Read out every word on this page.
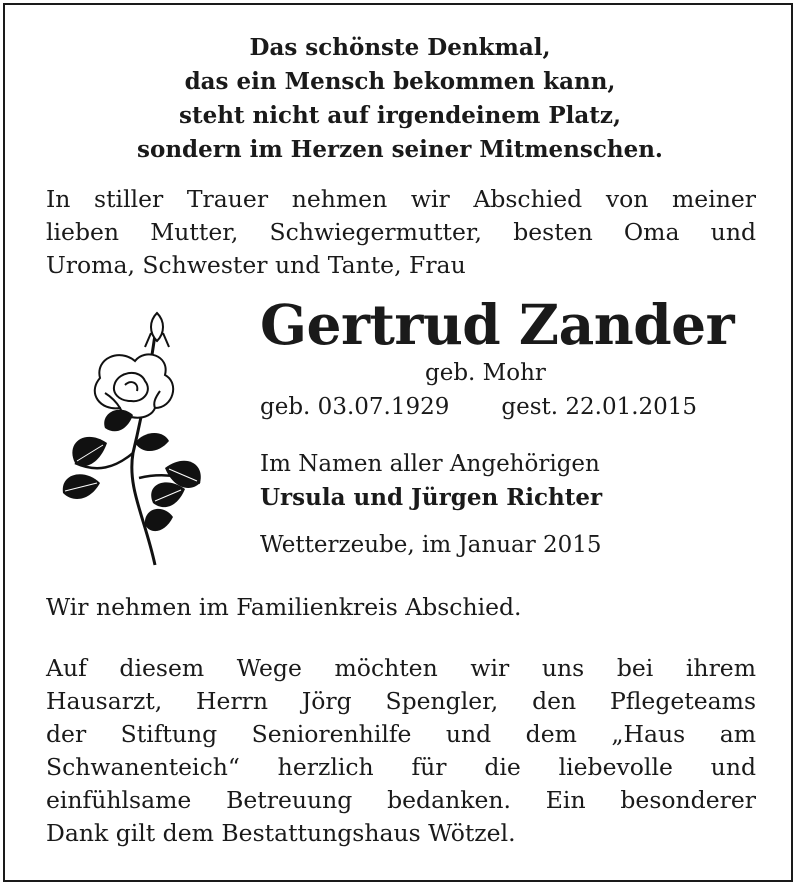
Das schönste Denkmal,
das ein Mensch bekommen kann,
steht nicht auf irgendeinem Platz,
sondern im Herzen seiner Mitmenschen.
In stiller Trauer nehmen wir Abschied von meiner
lieben Mutter, Schwiegermutter, besten Oma und
Uroma, Schwester und Tante, Frau
Gertrud Zander
geb. Mohr
geb. 03.07.1929 gest. 22.01.2015
Im Namen aller Angehörigen
Ursula und Jürgen Richter
Wetterzeube, im Januar 2015
Wir nehmen im Familienkreis Abschied.
Auf diesem Wege möchten wir uns bei ihrem
Hausarzt, Herrn Jörg Spengler, den Pflegeteams
der Stiftung Seniorenhilfe und dem „Haus am
Schwanenteich“ herzlich für die liebevolle und
einfühlsame Betreuung bedanken. Ein besonderer
Dank gilt dem Bestattungshaus Wötzel.
